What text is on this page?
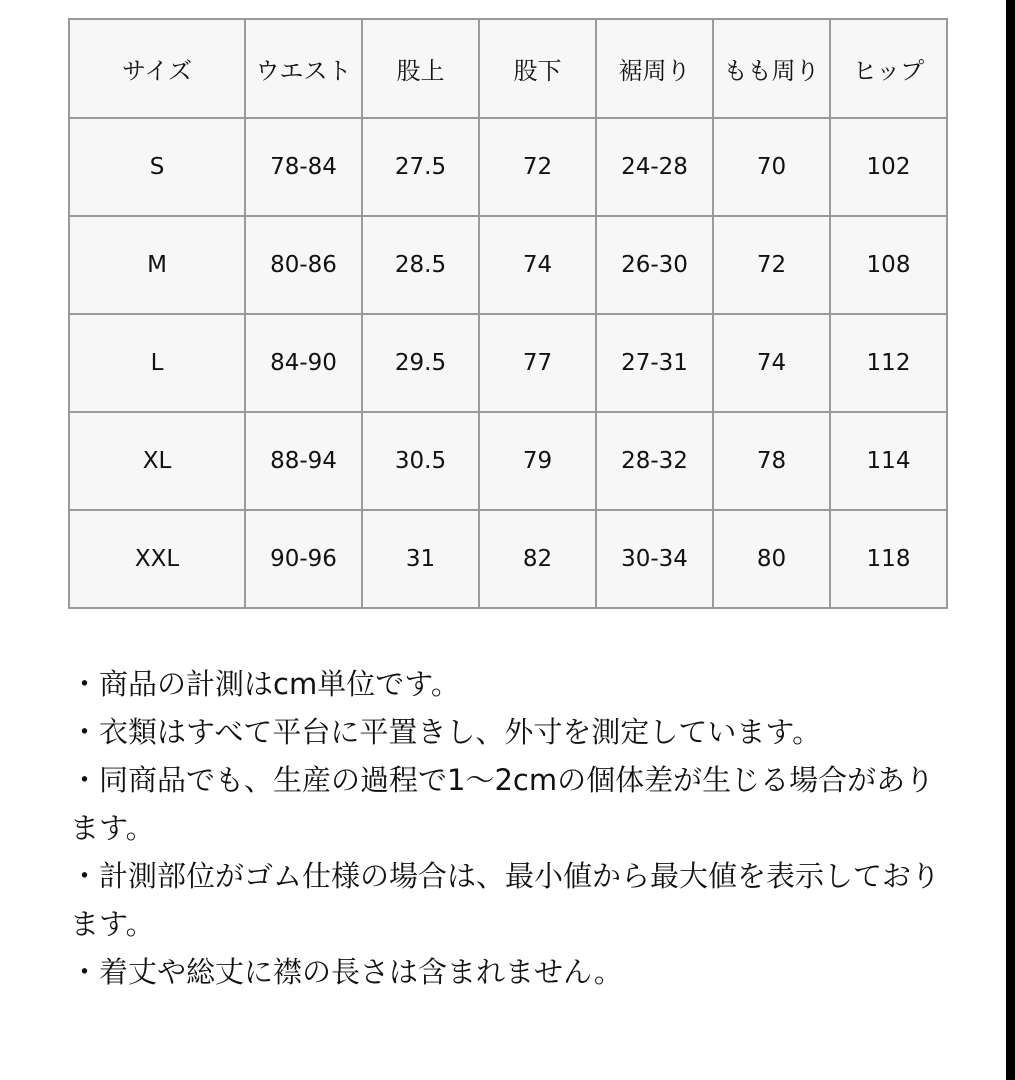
サイズ	ウエスト	股上	股下	裾周り	もも周り	ヒップ
S	78-84	27.5	72	24-28	70	102
M	80-86	28.5	74	26-30	72	108
L	84-90	29.5	77	27-31	74	112
XL	88-94	30.5	79	28-32	78	114
XXL	90-96	31	82	30-34	80	118
・商品の計測はcm単位です。
・衣類はすべて平台に平置きし、外寸を測定しています。
・同商品でも、生産の過程で1〜2cmの個体差が生じる場合があります。
・計測部位がゴム仕様の場合は、最小値から最大値を表示しております。
・着丈や総丈に襟の長さは含まれません。
